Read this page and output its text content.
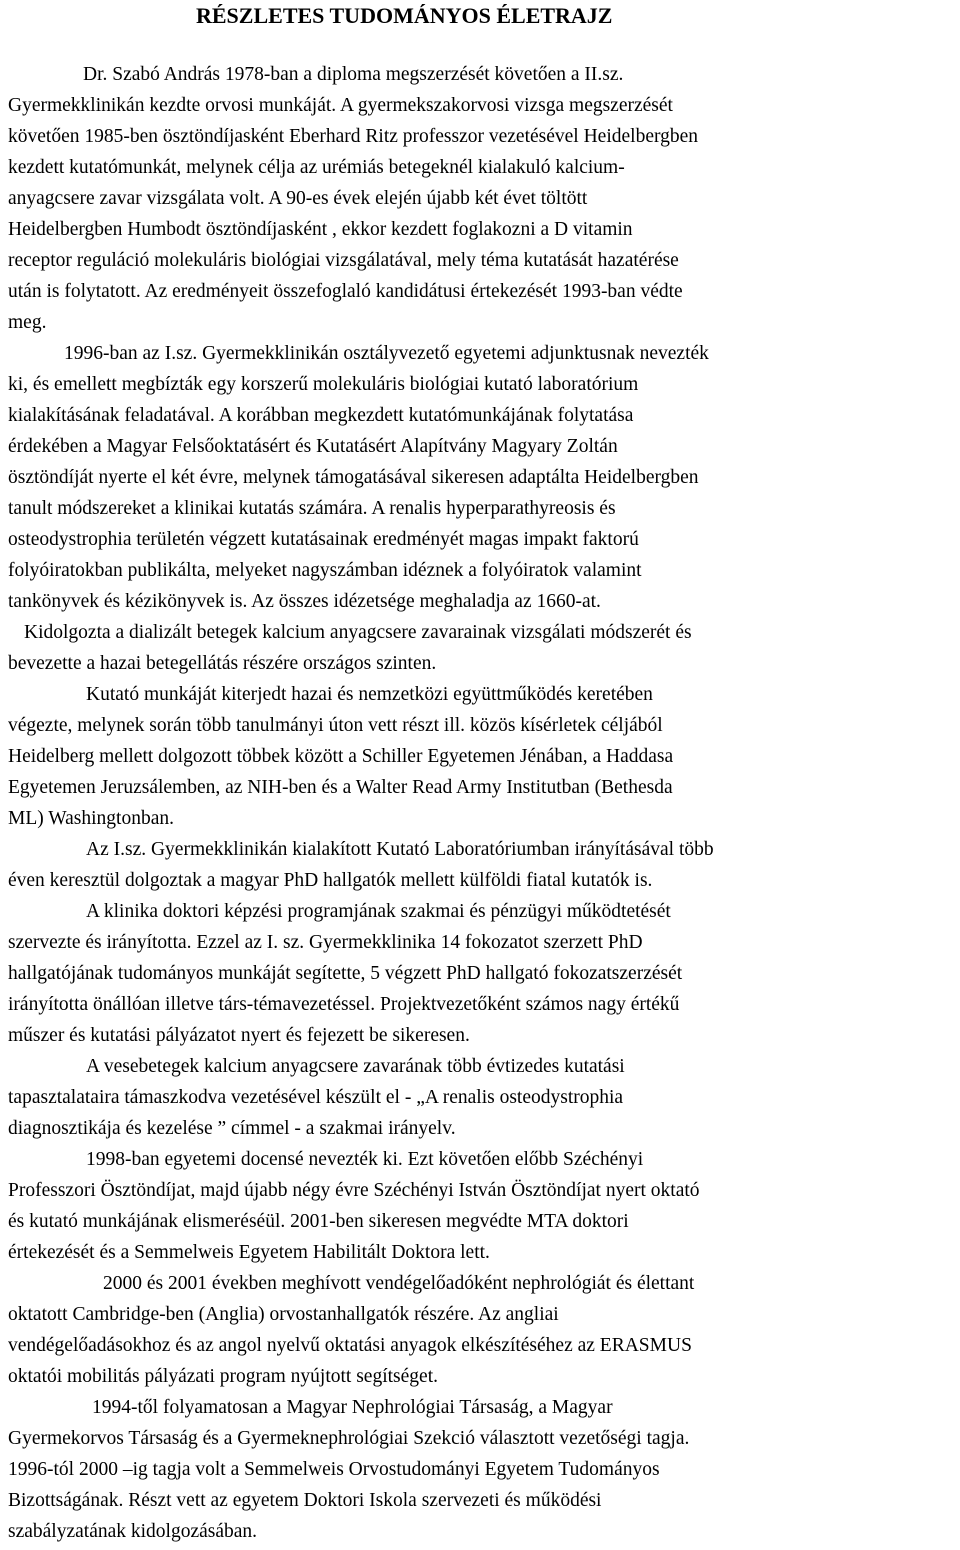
RÉSZLETES TUDOMÁNYOS ÉLETRAJZ

Dr. Szabó András 1978-ban a diploma megszerzését követően a II.sz.

Gyermekklinikán kezdte orvosi munkáját. A gyermekszakorvosi vizsga megszerzését

követően 1985-ben ösztöndíjasként Eberhard Ritz professzor vezetésével Heidelbergben

kezdett kutatómunkát, melynek célja az urémiás betegeknél kialakuló kalcium-

anyagcsere zavar vizsgálata volt. A 90-es évek elején újabb két évet töltött

Heidelbergben Humbodt ösztöndíjasként , ekkor kezdett foglakozni a D vitamin

receptor reguláció molekuláris biológiai vizsgálatával, mely téma kutatását hazatérése

után is folytatott. Az eredményeit összefoglaló kandidátusi értekezését 1993-ban védte

meg.

1996-ban az I.sz. Gyermekklinikán osztályvezető egyetemi adjunktusnak nevezték

ki, és emellett megbízták egy korszerű molekuláris biológiai kutató laboratórium

kialakításának feladatával. A korábban megkezdett kutatómunkájának folytatása

érdekében a Magyar Felsőoktatásért és Kutatásért Alapítvány Magyary Zoltán

ösztöndíját nyerte el két évre, melynek támogatásával sikeresen adaptálta Heidelbergben

tanult módszereket a klinikai kutatás számára. A renalis hyperparathyreosis és

osteodystrophia területén végzett kutatásainak eredményét magas impakt faktorú

folyóiratokban publikálta, melyeket nagyszámban idéznek a folyóiratok valamint

tankönyvek és kézikönyvek is. Az összes idézetsége meghaladja az 1660-at.

Kidolgozta a dializált betegek kalcium anyagcsere zavarainak vizsgálati módszerét és

bevezette a hazai betegellátás részére országos szinten.

Kutató munkáját kiterjedt hazai és nemzetközi együttműködés keretében

végezte, melynek során több tanulmányi úton vett részt ill. közös kísérletek céljából

Heidelberg mellett dolgozott többek között a Schiller Egyetemen Jénában, a Haddasa

Egyetemen Jeruzsálemben, az NIH-ben és a Walter Read Army Institutban (Bethesda

ML) Washingtonban.

Az I.sz. Gyermekklinikán kialakított Kutató Laboratóriumban irányításával több

éven keresztül dolgoztak a magyar PhD hallgatók mellett külföldi fiatal kutatók is.

A klinika doktori képzési programjának szakmai és pénzügyi működtetését

szervezte és irányította. Ezzel az I. sz. Gyermekklinika 14 fokozatot szerzett PhD

hallgatójának tudományos munkáját segítette, 5 végzett PhD hallgató fokozatszerzését

irányította önállóan illetve társ-témavezetéssel. Projektvezetőként számos nagy értékű

műszer és kutatási pályázatot nyert és fejezett be sikeresen.

A vesebetegek kalcium anyagcsere zavarának több évtizedes kutatási

tapasztalataira támaszkodva vezetésével készült el - „A renalis osteodystrophia

diagnosztikája és kezelése ” címmel - a szakmai irányelv.

1998-ban egyetemi docensé nevezték ki. Ezt követően előbb Széchényi

Professzori Ösztöndíjat, majd újabb négy évre Széchényi István Ösztöndíjat nyert oktató

és kutató munkájának elismeréséül. 2001-ben sikeresen megvédte MTA doktori

értekezését és a Semmelweis Egyetem Habilitált Doktora lett.

2000 és 2001 években meghívott vendégelőadóként nephrológiát és élettant

oktatott Cambridge-ben (Anglia) orvostanhallgatók részére. Az angliai

vendégelőadásokhoz és az angol nyelvű oktatási anyagok elkészítéséhez az ERASMUS

oktatói mobilitás pályázati program nyújtott segítséget.

1994-től folyamatosan a Magyar Nephrológiai Társaság, a Magyar

Gyermekorvos Társaság és a Gyermeknephrológiai Szekció választott vezetőségi tagja.

1996-tól 2000 –ig tagja volt a Semmelweis Orvostudományi Egyetem Tudományos

Bizottságának. Részt vett az egyetem Doktori Iskola szervezeti és működési

szabályzatának kidolgozásában.
